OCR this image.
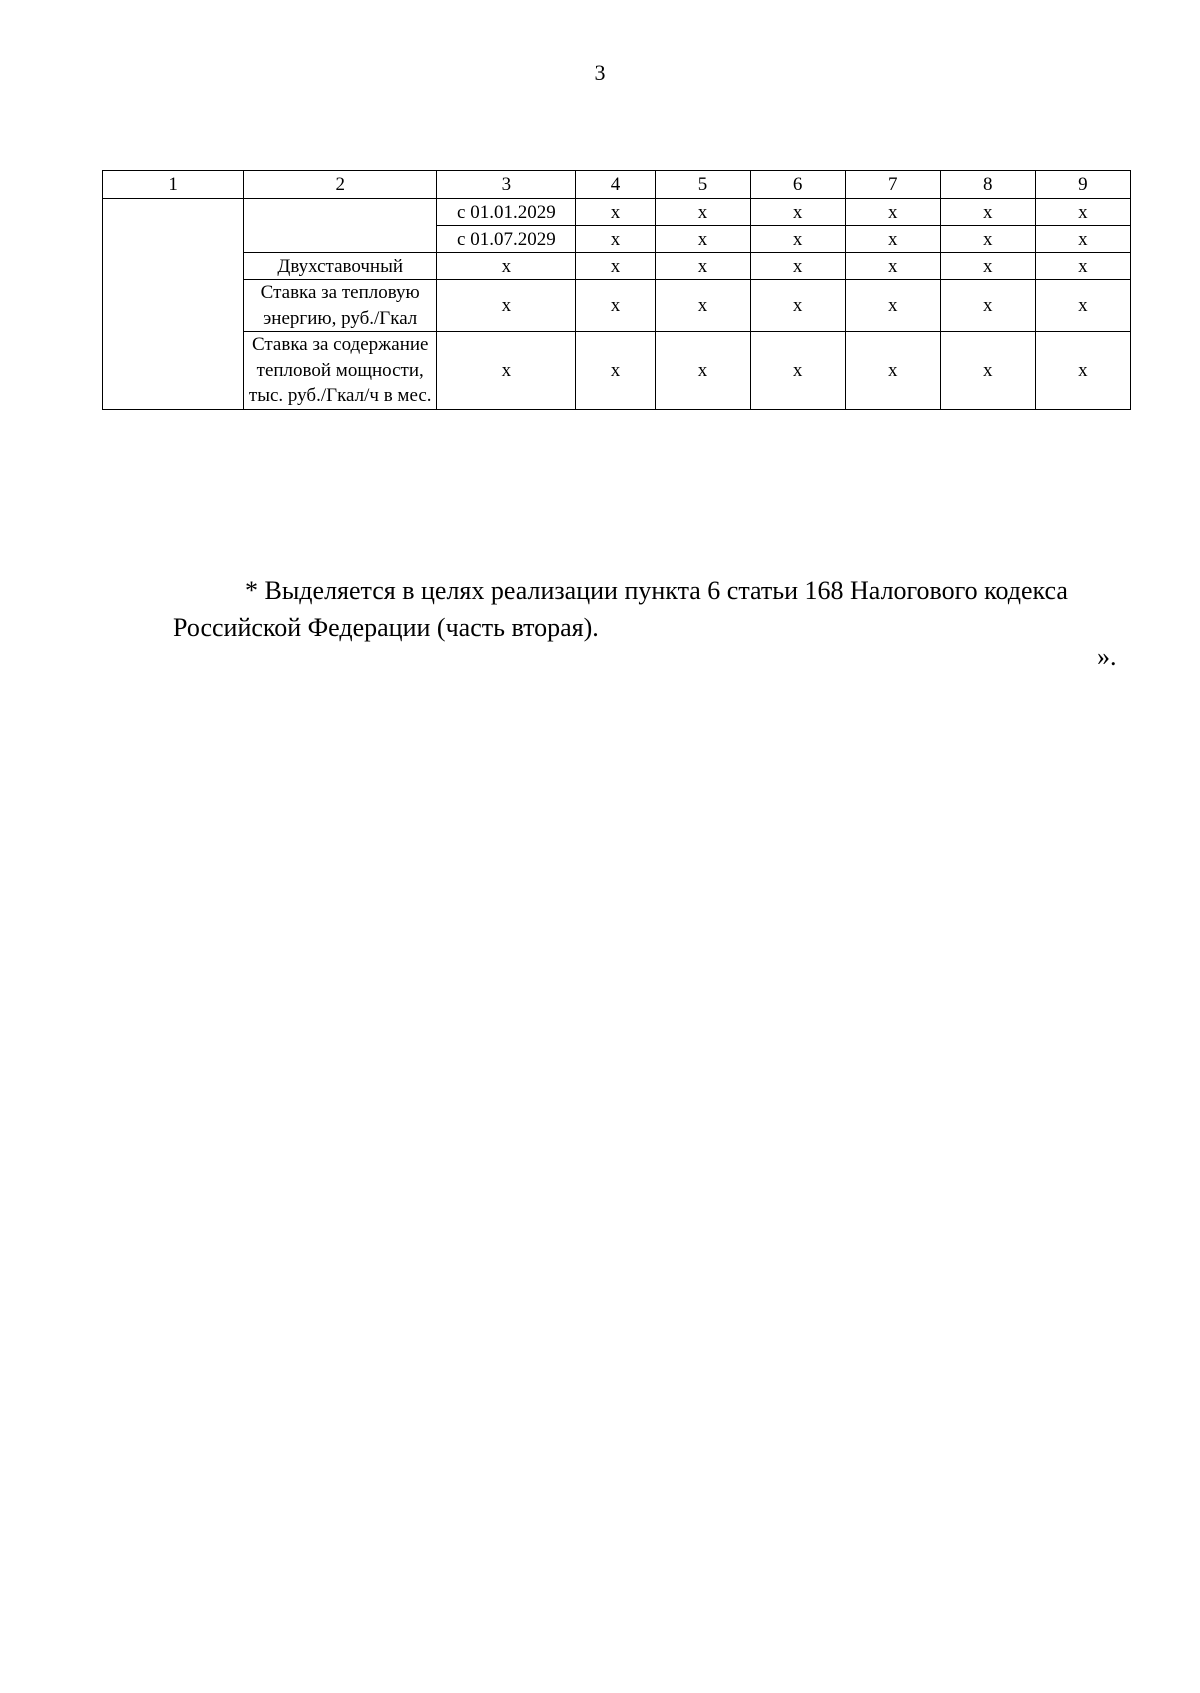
3
1	2	3	4	5	6	7	8	9
		с 01.01.2029	х	х	х	х	х	х
		с 01.07.2029	х	х	х	х	х	х
	Двухставочный	х	х	х	х	х	х	х
	Ставка за тепловую энергию, руб./Гкал	х	х	х	х	х	х	х
	Ставка за содержание тепловой мощности, тыс. руб./Гкал/ч в мес.	х	х	х	х	х	х	х

* Выделяется в целях реализации пункта 6 статьи 168 Налогового кодекса Российской Федерации (часть вторая).

».
